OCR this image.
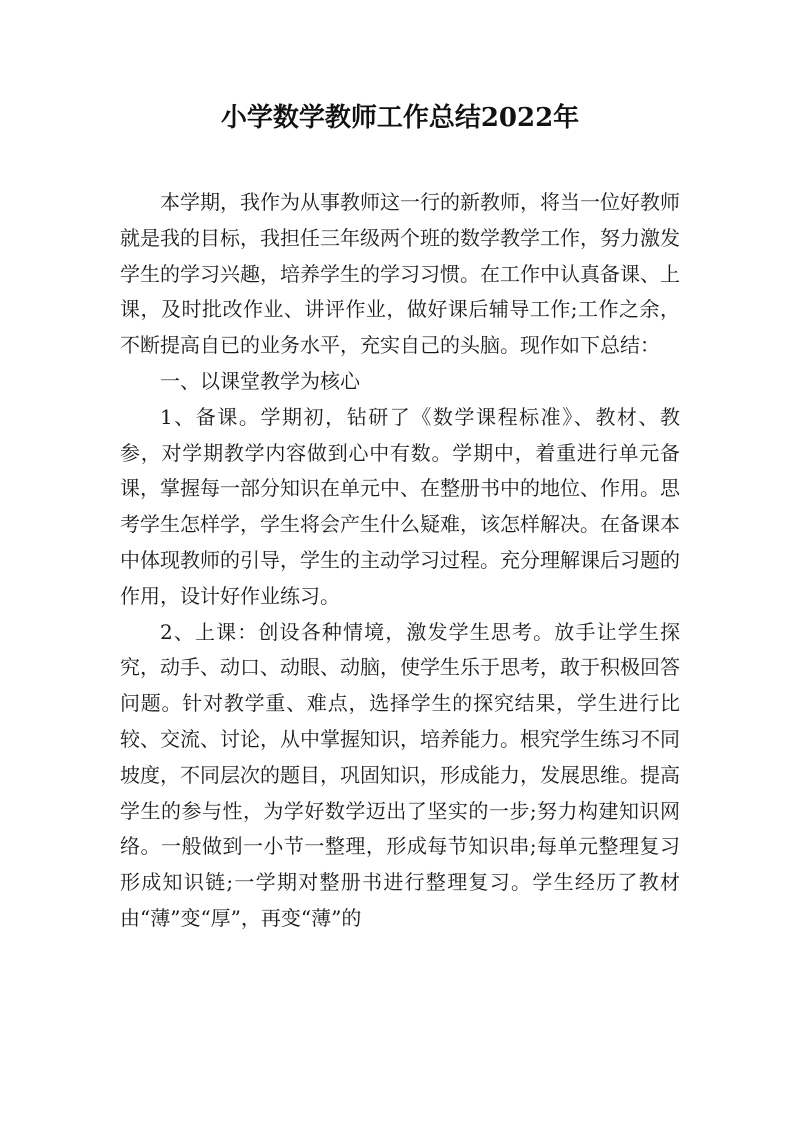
小学数学教师工作总结2022年

本学期，我作为从事教师这一行的新教师，将当一位好教师就是我的目标，我担任三年级两个班的数学教学工作，努力激发学生的学习兴趣，培养学生的学习习惯。在工作中认真备课、上课，及时批改作业、讲评作业，做好课后辅导工作;工作之余，不断提高自已的业务水平，充实自己的头脑。现作如下总结：

一、以课堂教学为核心

1、备课。学期初，钻研了《数学课程标准》、教材、教参，对学期教学内容做到心中有数。学期中，着重进行单元备课，掌握每一部分知识在单元中、在整册书中的地位、作用。思考学生怎样学，学生将会产生什么疑难，该怎样解决。在备课本中体现教师的引导，学生的主动学习过程。充分理解课后习题的作用，设计好作业练习。

2、上课：创设各种情境，激发学生思考。放手让学生探究，动手、动口、动眼、动脑，使学生乐于思考，敢于积极回答问题。针对教学重、难点，选择学生的探究结果，学生进行比较、交流、讨论，从中掌握知识，培养能力。根究学生练习不同坡度，不同层次的题目，巩固知识，形成能力，发展思维。提高学生的参与性，为学好数学迈出了坚实的一步;努力构建知识网络。一般做到一小节一整理，形成每节知识串;每单元整理复习形成知识链;一学期对整册书进行整理复习。学生经历了教材由“薄”变“厚”，再变“薄”的
